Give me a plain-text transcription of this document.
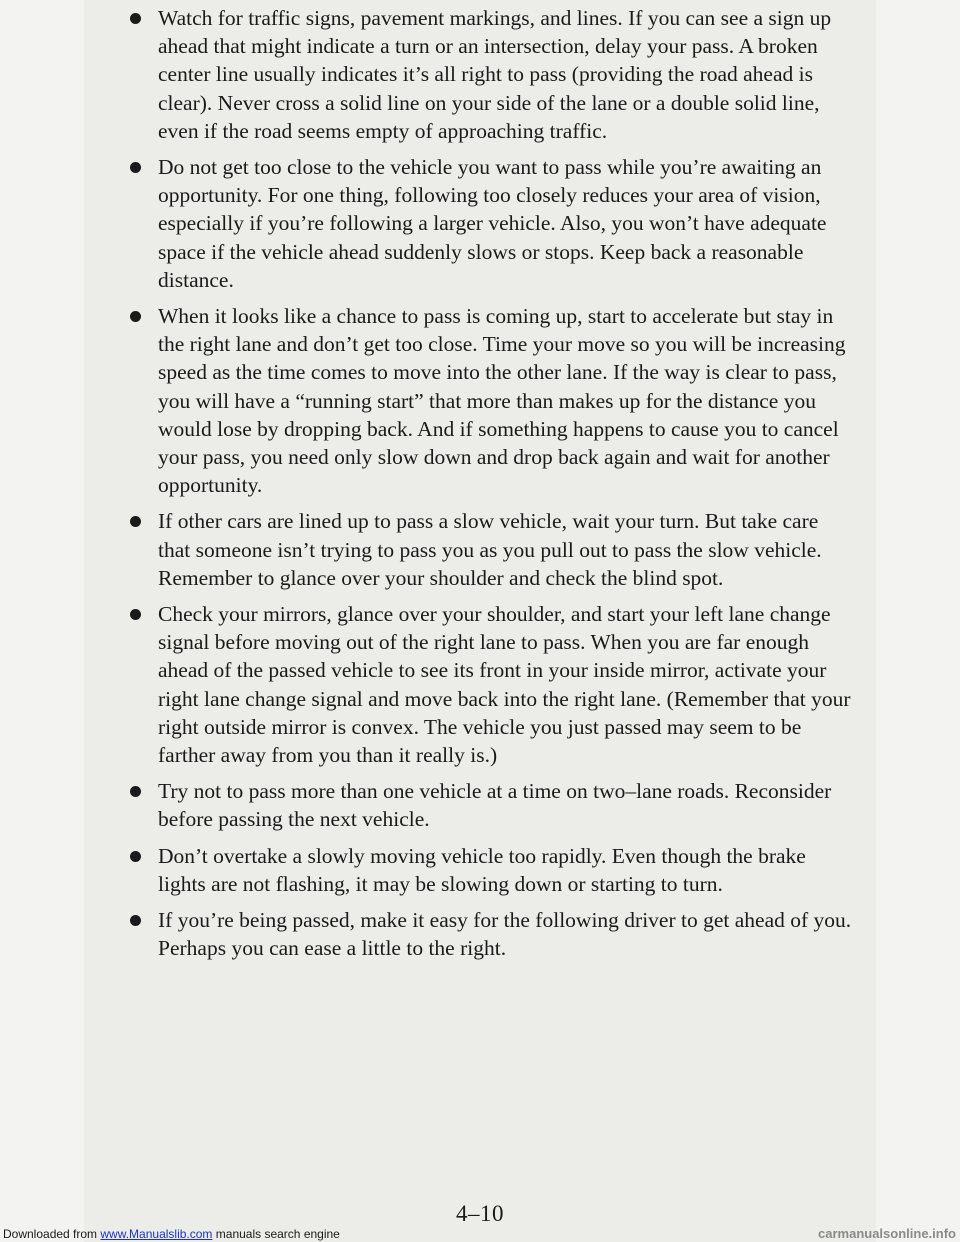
Watch for traffic signs, pavement markings, and lines. If you can see a sign up ahead that might indicate a turn or an intersection, delay your pass. A broken center line usually indicates it’s all right to pass (providing the road ahead is clear). Never cross a solid line on your side of the lane or a double solid line, even if the road seems empty of approaching traffic.
Do not get too close to the vehicle you want to pass while you’re awaiting an opportunity. For one thing, following too closely reduces your area of vision, especially if you’re following a larger vehicle. Also, you won’t have adequate space if the vehicle ahead suddenly slows or stops. Keep back a reasonable distance.
When it looks like a chance to pass is coming up, start to accelerate but stay in the right lane and don’t get too close. Time your move so you will be increasing speed as the time comes to move into the other lane. If the way is clear to pass, you will have a “running start” that more than makes up for the distance you would lose by dropping back. And if something happens to cause you to cancel your pass, you need only slow down and drop back again and wait for another opportunity.
If other cars are lined up to pass a slow vehicle, wait your turn. But take care that someone isn’t trying to pass you as you pull out to pass the slow vehicle. Remember to glance over your shoulder and check the blind spot.
Check your mirrors, glance over your shoulder, and start your left lane change signal before moving out of the right lane to pass. When you are far enough ahead of the passed vehicle to see its front in your inside mirror, activate your right lane change signal and move back into the right lane. (Remember that your right outside mirror is convex. The vehicle you just passed may seem to be farther away from you than it really is.)
Try not to pass more than one vehicle at a time on two–lane roads. Reconsider before passing the next vehicle.
Don’t overtake a slowly moving vehicle too rapidly. Even though the brake lights are not flashing, it may be slowing down or starting to turn.
If you’re being passed, make it easy for the following driver to get ahead of you. Perhaps you can ease a little to the right.
4–10
Downloaded from www.Manualslib.com manuals search engine	carmanualsonline.info
